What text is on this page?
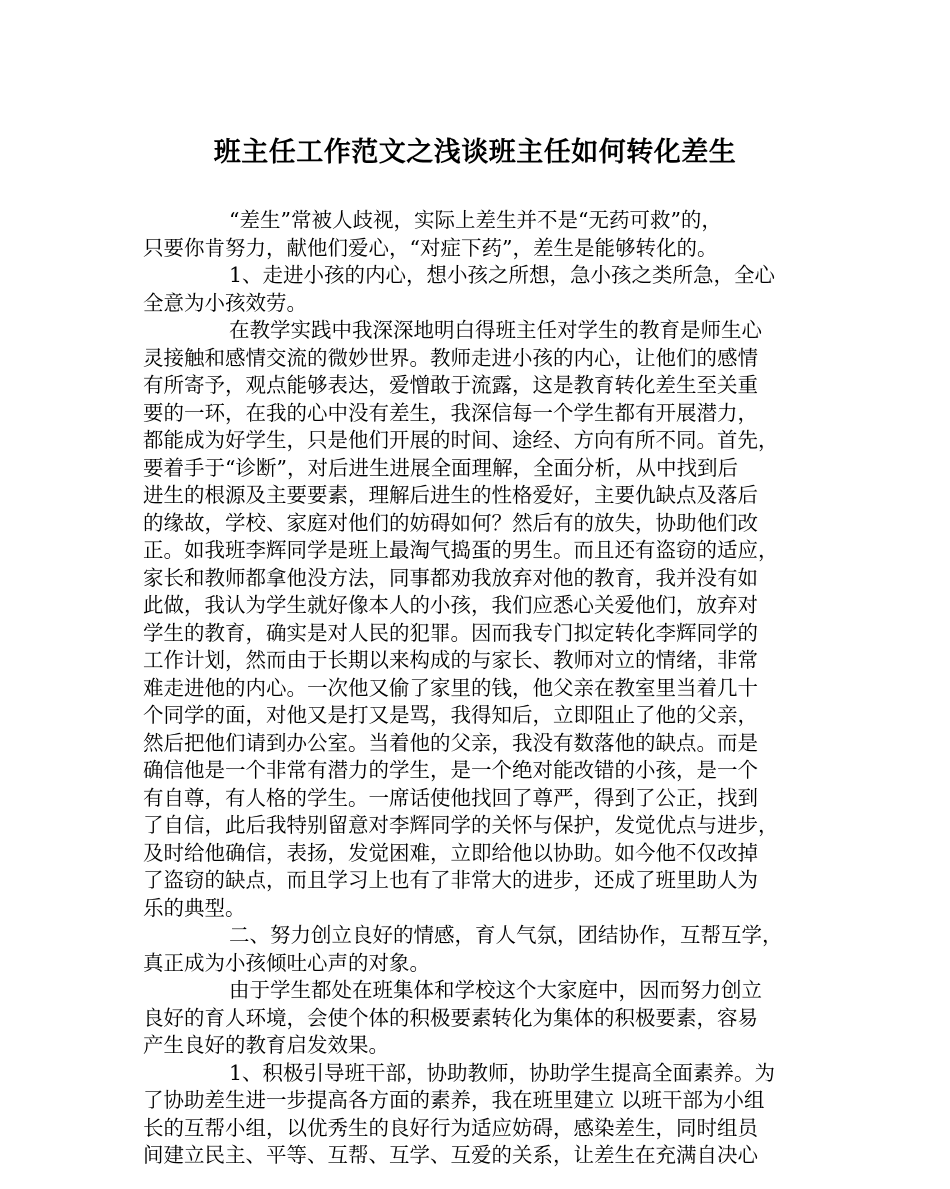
班主任工作范文之浅谈班主任如何转化差生
“差生”常被人歧视，实际上差生并不是“无药可救”的，
只要你肯努力，献他们爱心，“对症下药”，差生是能够转化的。
1、走进小孩的内心，想小孩之所想，急小孩之类所急，全心
全意为小孩效劳。
在教学实践中我深深地明白得班主任对学生的教育是师生心
灵接触和感情交流的微妙世界。教师走进小孩的内心，让他们的感情
有所寄予，观点能够表达，爱憎敢于流露，这是教育转化差生至关重
要的一环，在我的心中没有差生，我深信每一个学生都有开展潜力，
都能成为好学生，只是他们开展的时间、途经、方向有所不同。首先，
要着手于“诊断”，对后进生进展全面理解，全面分析，从中找到后
进生的根源及主要要素，理解后进生的性格爱好，主要仇缺点及落后
的缘故，学校、家庭对他们的妨碍如何？然后有的放失，协助他们改
正。如我班李辉同学是班上最淘气捣蛋的男生。而且还有盗窃的适应，
家长和教师都拿他没方法，同事都劝我放弃对他的教育，我并没有如
此做，我认为学生就好像本人的小孩，我们应悉心关爱他们，放弃对
学生的教育，确实是对人民的犯罪。因而我专门拟定转化李辉同学的
工作计划，然而由于长期以来构成的与家长、教师对立的情绪，非常
难走进他的内心。一次他又偷了家里的钱，他父亲在教室里当着几十
个同学的面，对他又是打又是骂，我得知后，立即阻止了他的父亲，
然后把他们请到办公室。当着他的父亲，我没有数落他的缺点。而是
确信他是一个非常有潜力的学生，是一个绝对能改错的小孩，是一个
有自尊，有人格的学生。一席话使他找回了尊严，得到了公正，找到
了自信，此后我特别留意对李辉同学的关怀与保护，发觉优点与进步，
及时给他确信，表扬，发觉困难，立即给他以协助。如今他不仅改掉
了盗窃的缺点，而且学习上也有了非常大的进步，还成了班里助人为
乐的典型。
二、努力创立良好的情感，育人气氛，团结协作，互帮互学，
真正成为小孩倾吐心声的对象。
由于学生都处在班集体和学校这个大家庭中，因而努力创立
良好的育人环境，会使个体的积极要素转化为集体的积极要素，容易
产生良好的教育启发效果。
1、积极引导班干部，协助教师，协助学生提高全面素养。为
了协助差生进一步提高各方面的素养，我在班里建立 以班干部为小组
长的互帮小组，以优秀生的良好行为适应妨碍，感染差生，同时组员
间建立民主、平等、互帮、互学、互爱的关系，让差生在充满自决心
